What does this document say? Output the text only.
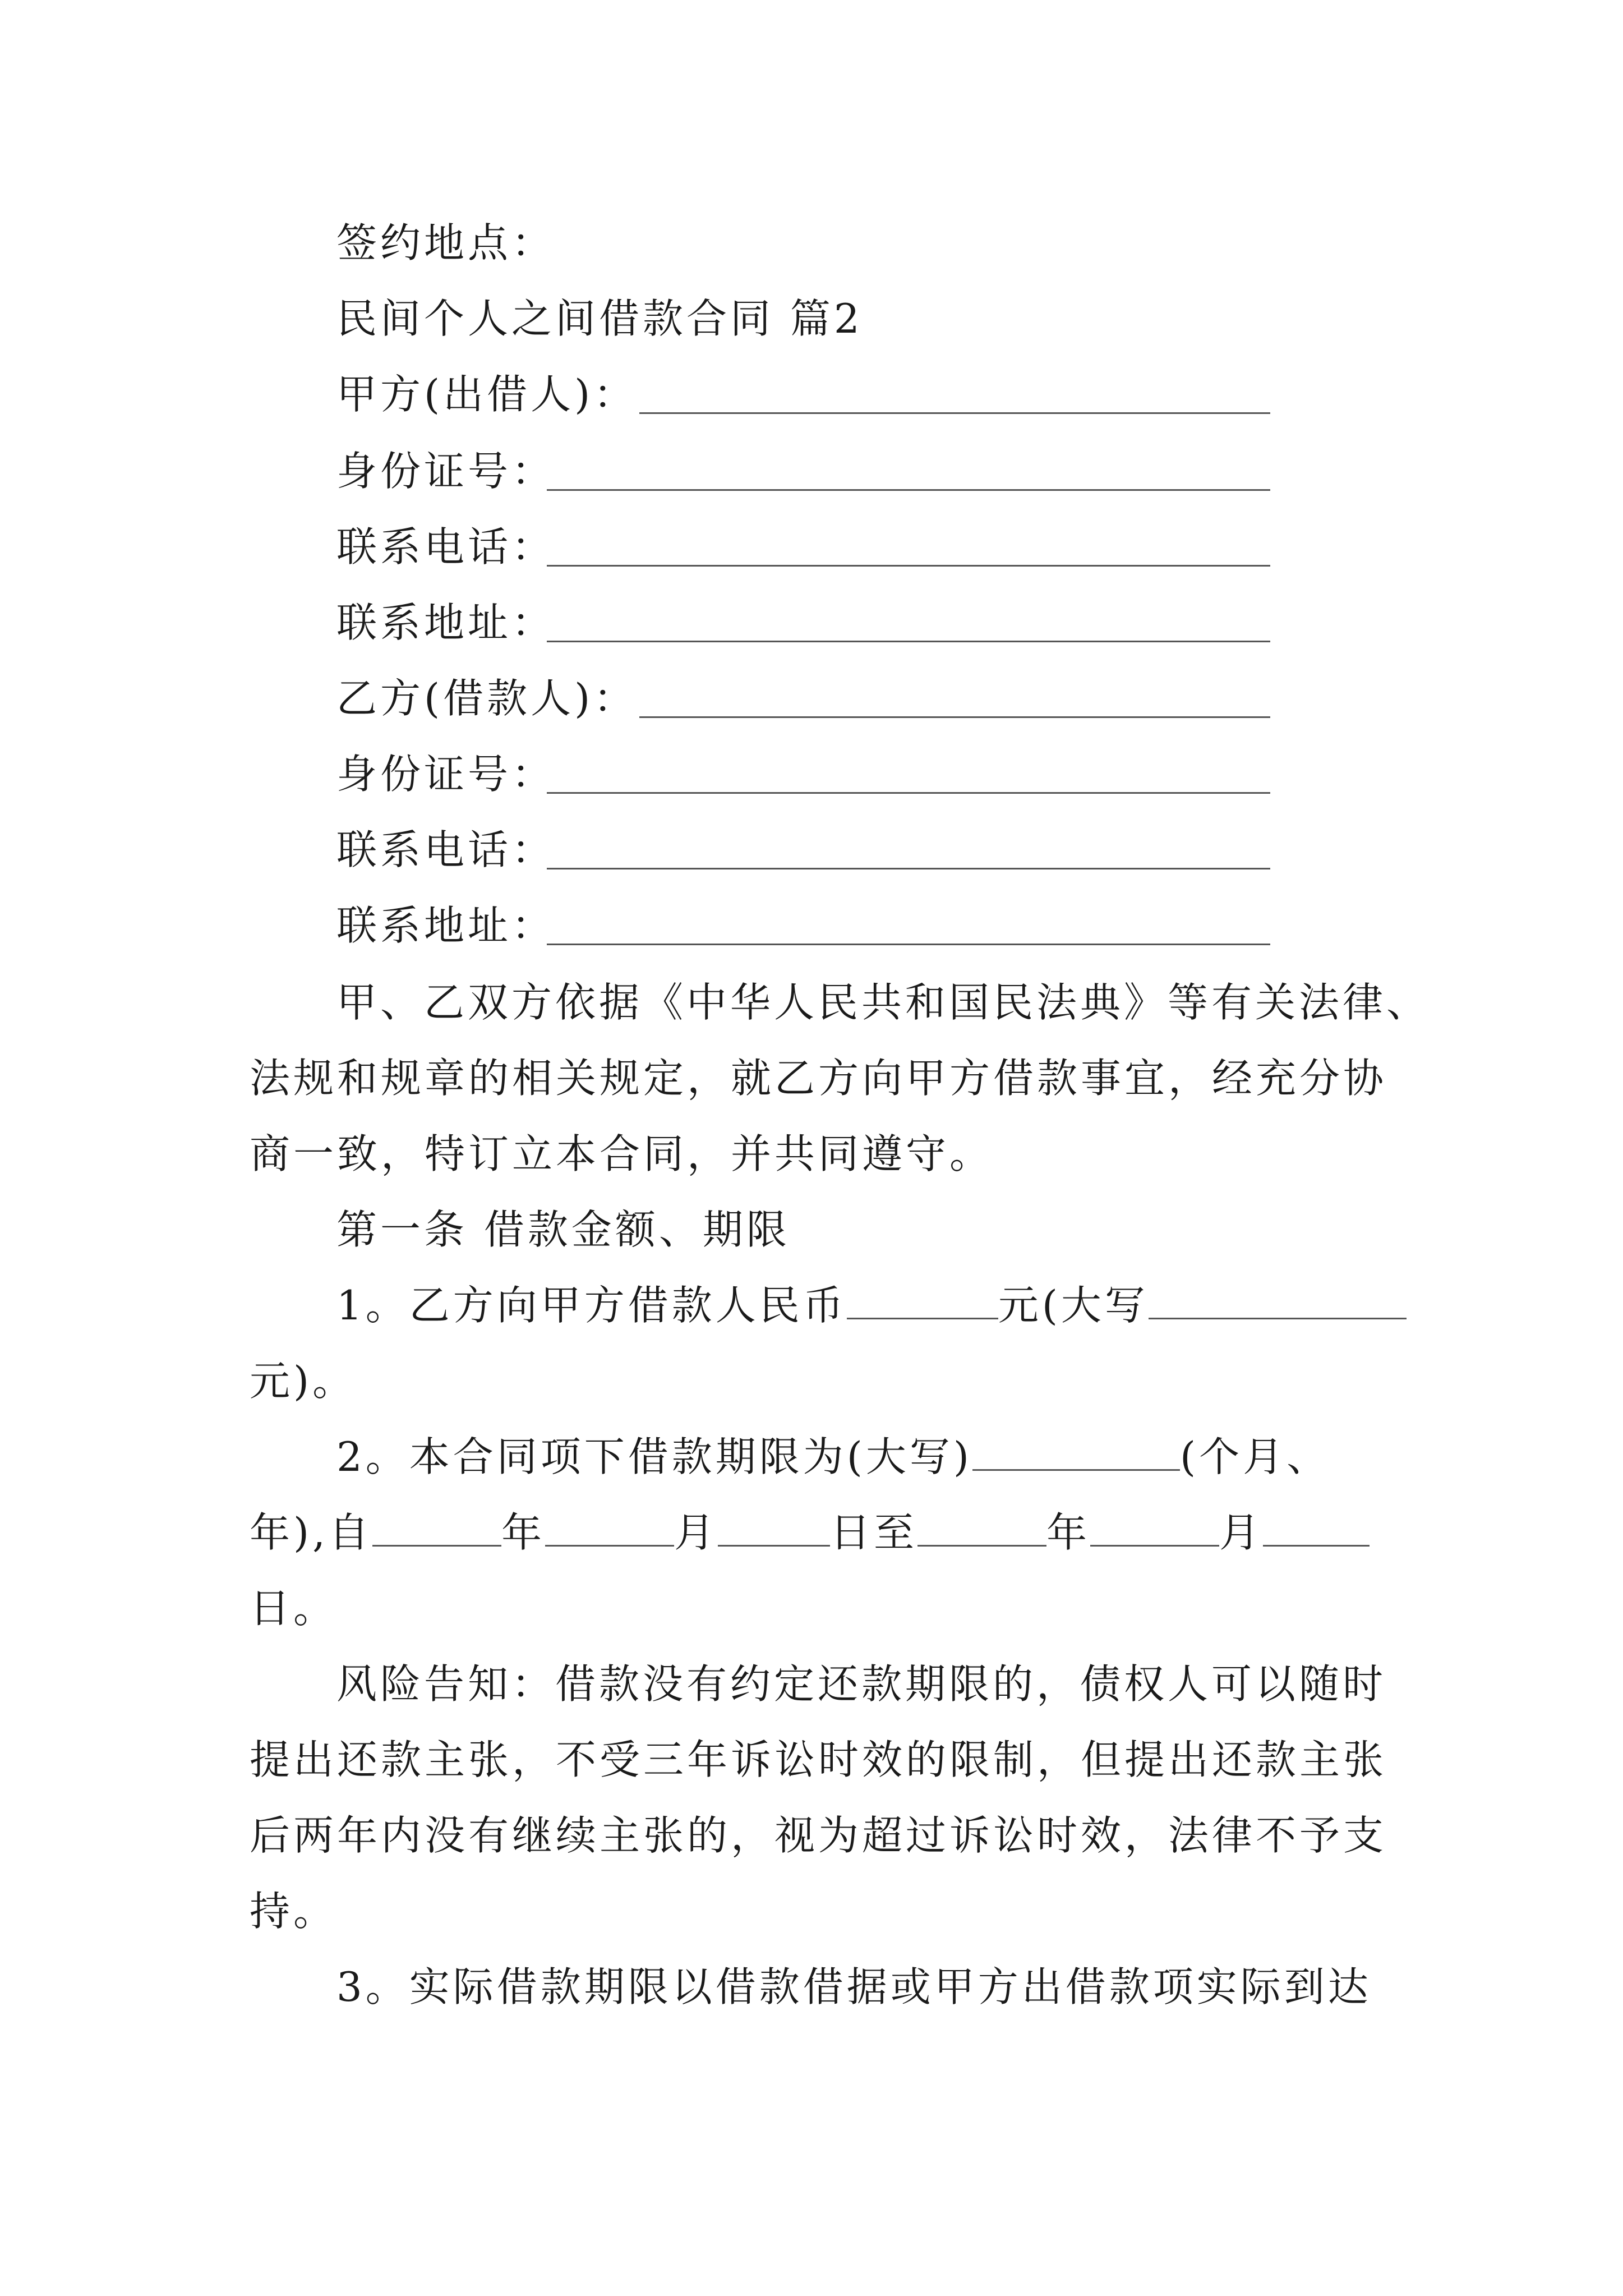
签约地点：
民间个人之间借款合同 篇2
甲方(出借人)：
身份证号：
联系电话：
联系地址：
乙方(借款人)：
身份证号：
联系电话：
联系地址：
甲、乙双方依据《中华人民共和国民法典》等有关法律、
法规和规章的相关规定，就乙方向甲方借款事宜，经充分协
商一致，特订立本合同，并共同遵守。
第一条 借款金额、期限
1。乙方向甲方借款人民币	元(大写
元)。
2。本合同项下借款期限为(大写)	(个月、
年),自	年	月	日至	年	月
日。
风险告知：借款没有约定还款期限的，债权人可以随时
提出还款主张，不受三年诉讼时效的限制，但提出还款主张
后两年内没有继续主张的，视为超过诉讼时效，法律不予支
持。
3。实际借款期限以借款借据或甲方出借款项实际到达
